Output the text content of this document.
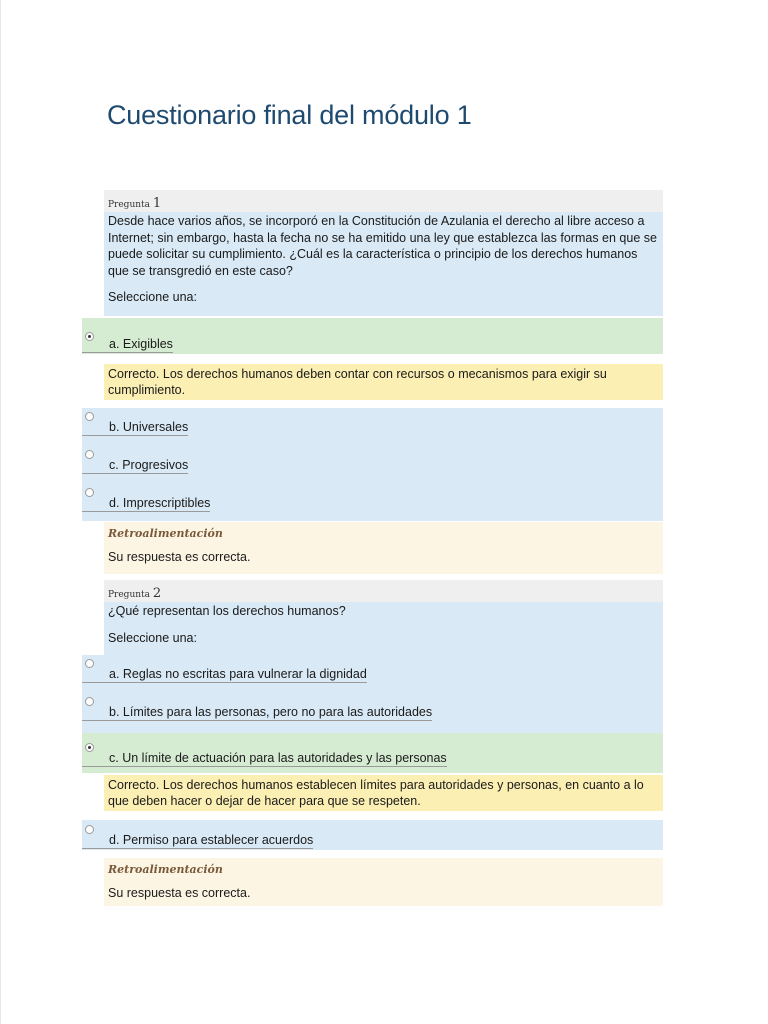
Cuestionario final del módulo 1
Pregunta 1

Desde hace varios años, se incorporó en la Constitución de Azulania el derecho al libre acceso a Internet; sin embargo, hasta la fecha no se ha emitido una ley que establezca las formas en que se puede solicitar su cumplimiento. ¿Cuál es la característica o principio de los derechos humanos que se transgredió en este caso?

Seleccione una:

a. Exigibles
Correcto. Los derechos humanos deben contar con recursos o mecanismos para exigir su cumplimiento.
b. Universales
c. Progresivos
d. Imprescriptibles
Retroalimentación
Su respuesta es correcta.
Pregunta 2

¿Qué representan los derechos humanos?

Seleccione una:

a. Reglas no escritas para vulnerar la dignidad
b. Límites para las personas, pero no para las autoridades
c. Un límite de actuación para las autoridades y las personas
Correcto. Los derechos humanos establecen límites para autoridades y personas, en cuanto a lo que deben hacer o dejar de hacer para que se respeten.
d. Permiso para establecer acuerdos
Retroalimentación
Su respuesta es correcta.
